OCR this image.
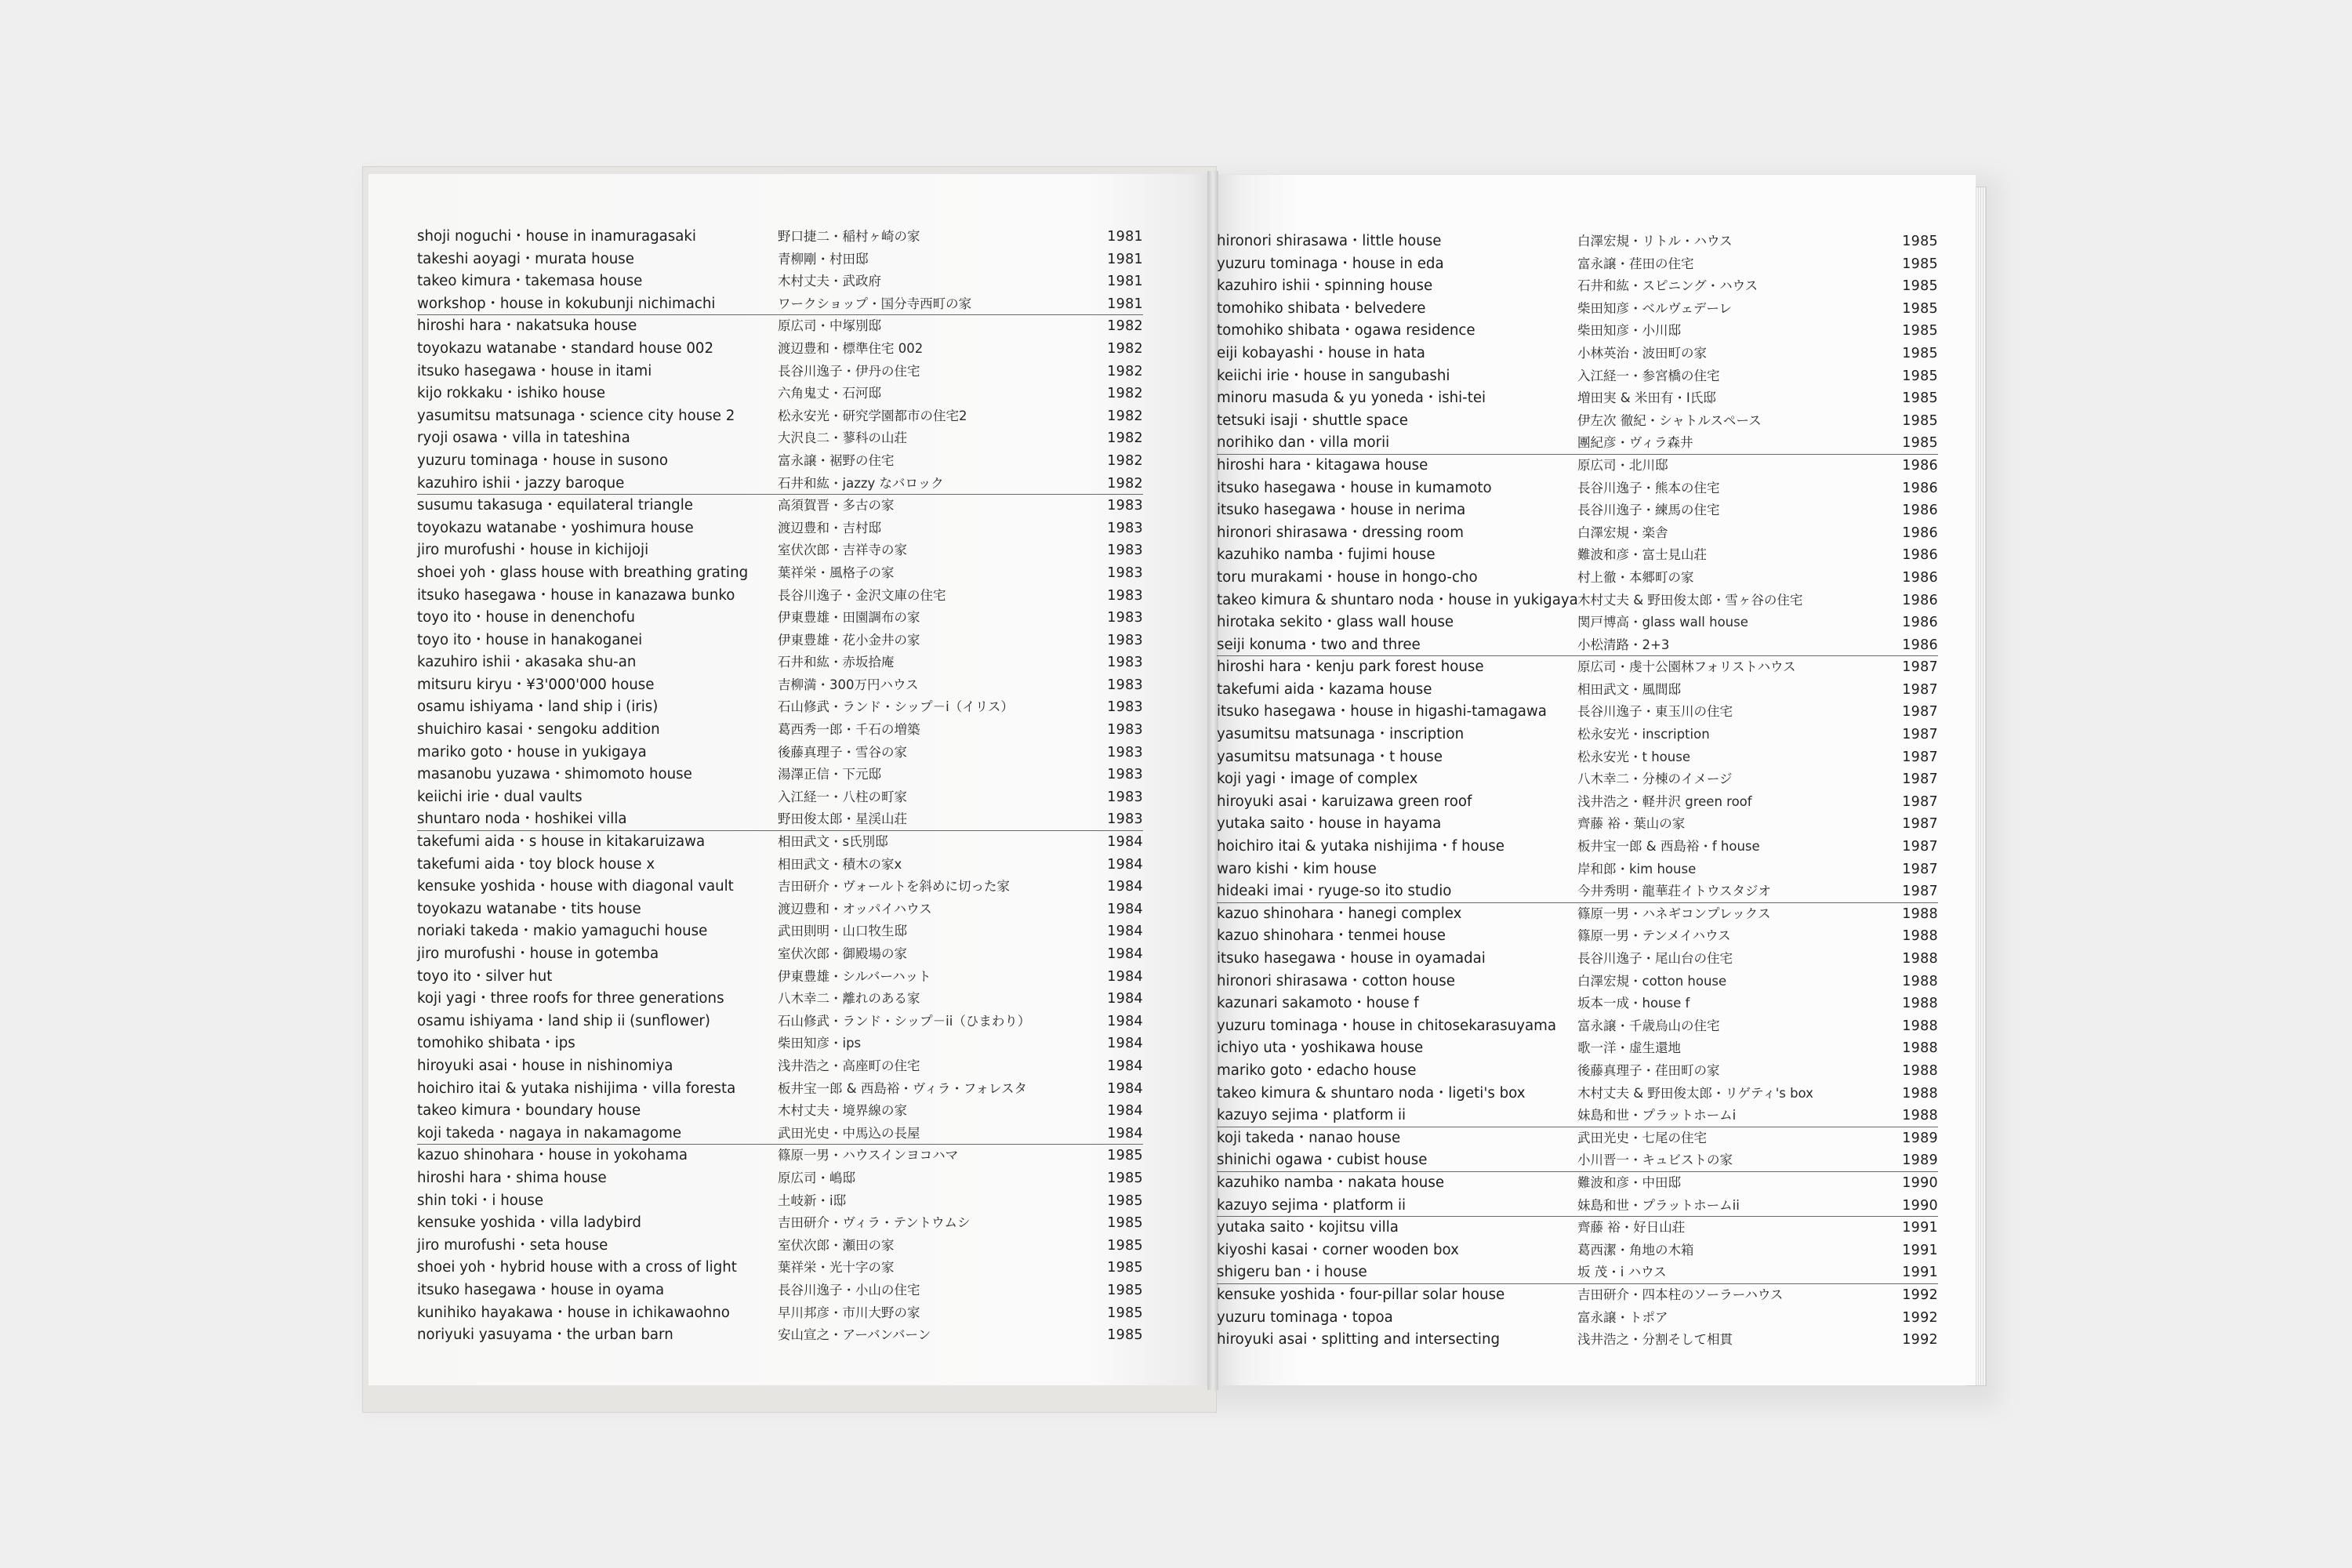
shoji noguchi・house in inamuragasaki	野口捷二・稲村ヶ崎の家	1981
takeshi aoyagi・murata house	青柳剛・村田邸	1981
takeo kimura・takemasa house	木村丈夫・武政府	1981
workshop・house in kokubunji nichimachi	ワークショップ・国分寺西町の家	1981
hiroshi hara・nakatsuka house	原広司・中塚別邸	1982
toyokazu watanabe・standard house 002	渡辺豊和・標準住宅 002	1982
itsuko hasegawa・house in itami	長谷川逸子・伊丹の住宅	1982
kijo rokkaku・ishiko house	六角鬼丈・石河邸	1982
yasumitsu matsunaga・science city house 2	松永安光・研究学園都市の住宅2	1982
ryoji osawa・villa in tateshina	大沢良二・蓼科の山荘	1982
yuzuru tominaga・house in susono	富永譲・裾野の住宅	1982
kazuhiro ishii・jazzy baroque	石井和紘・jazzy なバロック	1982
susumu takasuga・equilateral triangle	高須賀晋・多古の家	1983
toyokazu watanabe・yoshimura house	渡辺豊和・吉村邸	1983
jiro murofushi・house in kichijoji	室伏次郎・吉祥寺の家	1983
shoei yoh・glass house with breathing grating 葉祥栄・風格子の家	1983
itsuko hasegawa・house in kanazawa bunko	長谷川逸子・金沢文庫の住宅	1983
toyo ito・house in denenchofu	伊東豊雄・田園調布の家	1983
toyo ito・house in hanakoganei	伊東豊雄・花小金井の家	1983
kazuhiro ishii・akasaka shu-an	石井和紘・赤坂拾庵	1983
mitsuru kiryu・¥3'000'000 house	吉柳満・300万円ハウス	1983
osamu ishiyama・land ship i (iris)	石山修武・ランド・シップ－i（イリス）	1983
shuichiro kasai・sengoku addition	葛西秀一郎・千石の増築	1983
mariko goto・house in yukigaya	後藤真理子・雪谷の家	1983
masanobu yuzawa・shimomoto house	湯澤正信・下元邸	1983
keiichi irie・dual vaults	入江経一・八柱の町家	1983
shuntaro noda・hoshikei villa	野田俊太郎・星渓山荘	1983
takefumi aida・s house in kitakaruizawa	相田武文・s氏別邸	1984
takefumi aida・toy block house x	相田武文・積木の家x	1984
kensuke yoshida・house with diagonal vault	吉田研介・ヴォールトを斜めに切った家	1984
toyokazu watanabe・tits house	渡辺豊和・オッパイハウス	1984
noriaki takeda・makio yamaguchi house	武田則明・山口牧生邸	1984
jiro murofushi・house in gotemba	室伏次郎・御殿場の家	1984
toyo ito・silver hut	伊東豊雄・シルバーハット	1984
koji yagi・three roofs for three generations	八木幸二・離れのある家	1984
osamu ishiyama・land ship ii (sunflower)	石山修武・ランド・シップ－ii（ひまわり）	1984
tomohiko shibata・ips	柴田知彦・ips	1984
hiroyuki asai・house in nishinomiya	浅井浩之・高座町の住宅	1984
hoichiro itai & yutaka nishijima・villa foresta	板井宝一郎 & 西島裕・ヴィラ・フォレスタ	1984
takeo kimura・boundary house	木村丈夫・境界線の家	1984
koji takeda・nagaya in nakamagome	武田光史・中馬込の長屋	1984
kazuo shinohara・house in yokohama	篠原一男・ハウスインヨコハマ	1985
hiroshi hara・shima house	原広司・嶋邸	1985
shin toki・i house	土岐新・i邸	1985
kensuke yoshida・villa ladybird	吉田研介・ヴィラ・テントウムシ	1985
jiro murofushi・seta house	室伏次郎・瀬田の家	1985
shoei yoh・hybrid house with a cross of light	葉祥栄・光十字の家	1985
itsuko hasegawa・house in oyama	長谷川逸子・小山の住宅	1985
kunihiko hayakawa・house in ichikawaohno	早川邦彦・市川大野の家	1985
noriyuki yasuyama・the urban barn	安山宣之・アーバンバーン	1985
hironori shirasawa・little house	白澤宏規・リトル・ハウス	1985
yuzuru tominaga・house in eda	富永譲・荏田の住宅	1985
kazuhiro ishii・spinning house	石井和紘・スピニング・ハウス	1985
tomohiko shibata・belvedere	柴田知彦・ベルヴェデーレ	1985
tomohiko shibata・ogawa residence	柴田知彦・小川邸	1985
eiji kobayashi・house in hata	小林英治・波田町の家	1985
keiichi irie・house in sangubashi	入江経一・参宮橋の住宅	1985
minoru masuda & yu yoneda・ishi-tei	増田実 & 米田有・I氏邸	1985
tetsuki isaji・shuttle space	伊左次 徹紀・シャトルスペース	1985
norihiko dan・villa morii	團紀彦・ヴィラ森井	1985
hiroshi hara・kitagawa house	原広司・北川邸	1986
itsuko hasegawa・house in kumamoto	長谷川逸子・熊本の住宅	1986
itsuko hasegawa・house in nerima	長谷川逸子・練馬の住宅	1986
hironori shirasawa・dressing room	白澤宏規・楽舎	1986
kazuhiko namba・fujimi house	難波和彦・富士見山荘	1986
toru murakami・house in hongo-cho	村上徹・本郷町の家	1986
takeo kimura & shuntaro noda・house in yukigaya 木村丈夫 & 野田俊太郎・雪ヶ谷の住宅	1986
hirotaka sekito・glass wall house	関戸博高・glass wall house	1986
seiji konuma・two and three	小松清路・2+3	1986
hiroshi hara・kenju park forest house	原広司・虔十公園林フォリストハウス	1987
takefumi aida・kazama house	相田武文・風間邸	1987
itsuko hasegawa・house in higashi-tamagawa 長谷川逸子・東玉川の住宅	1987
yasumitsu matsunaga・inscription	松永安光・inscription	1987
yasumitsu matsunaga・t house	松永安光・t house	1987
koji yagi・image of complex	八木幸二・分棟のイメージ	1987
hiroyuki asai・karuizawa green roof	浅井浩之・軽井沢 green roof	1987
yutaka saito・house in hayama	齊藤 裕・葉山の家	1987
hoichiro itai & yutaka nishijima・f house	板井宝一郎 & 西島裕・f house	1987
waro kishi・kim house	岸和郎・kim house	1987
hideaki imai・ryuge-so ito studio	今井秀明・龍華荘イトウスタジオ	1987
kazuo shinohara・hanegi complex	篠原一男・ハネギコンプレックス	1988
kazuo shinohara・tenmei house	篠原一男・テンメイハウス	1988
itsuko hasegawa・house in oyamadai	長谷川逸子・尾山台の住宅	1988
hironori shirasawa・cotton house	白澤宏規・cotton house	1988
kazunari sakamoto・house f	坂本一成・house f	1988
yuzuru tominaga・house in chitosekarasuyama 富永譲・千歳烏山の住宅	1988
ichiyo uta・yoshikawa house	歌一洋・虚生還地	1988
mariko goto・edacho house	後藤真理子・荏田町の家	1988
takeo kimura & shuntaro noda・ligeti's box	木村丈夫 & 野田俊太郎・リゲティ's box	1988
kazuyo sejima・platform ii	妹島和世・プラットホームi	1988
koji takeda・nanao house	武田光史・七尾の住宅	1989
shinichi ogawa・cubist house	小川晋一・キュビストの家	1989
kazuhiko namba・nakata house	難波和彦・中田邸	1990
kazuyo sejima・platform ii	妹島和世・プラットホームii	1990
yutaka saito・kojitsu villa	齊藤 裕・好日山荘	1991
kiyoshi kasai・corner wooden box	葛西潔・角地の木箱	1991
shigeru ban・i house	坂 茂・i ハウス	1991
kensuke yoshida・four-pillar solar house	吉田研介・四本柱のソーラーハウス	1992
yuzuru tominaga・topoa	富永譲・トポア	1992
hiroyuki asai・splitting and intersecting	浅井浩之・分割そして相貫	1992
